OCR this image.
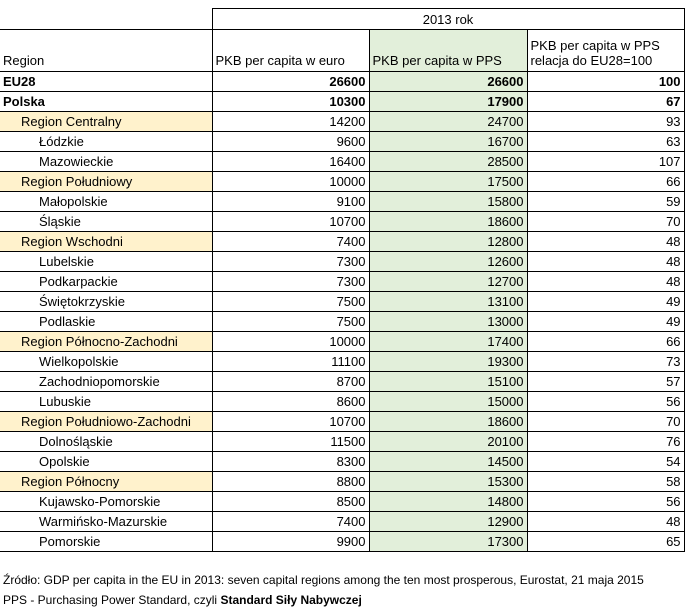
	2013 rok		
Region	PKB per capita w euro	PKB per capita w PPS	PKB per capita w PPS
relacja do EU28=100
EU28	26600	26600	100
Polska	10300	17900	67
Region Centralny	14200	24700	93
Łódzkie	9600	16700	63
Mazowieckie	16400	28500	107
Region Południowy	10000	17500	66
Małopolskie	9100	15800	59
Śląskie	10700	18600	70
Region Wschodni	7400	12800	48
Lubelskie	7300	12600	48
Podkarpackie	7300	12700	48
Świętokrzyskie	7500	13100	49
Podlaskie	7500	13000	49
Region Północno-Zachodni	10000	17400	66
Wielkopolskie	11100	19300	73
Zachodniopomorskie	8700	15100	57
Lubuskie	8600	15000	56
Region Południowo-Zachodni	10700	18600	70
Dolnośląskie	11500	20100	76
Opolskie	8300	14500	54
Region Północny	8800	15300	58
Kujawsko-Pomorskie	8500	14800	56
Warmińsko-Mazurskie	7400	12900	48
Pomorskie	9900	17300	65
Źródło: GDP per capita in the EU in 2013: seven capital regions among the ten most prosperous, Eurostat, 21 maja 2015
PPS - Purchasing Power Standard, czyli Standard Siły Nabywczej
